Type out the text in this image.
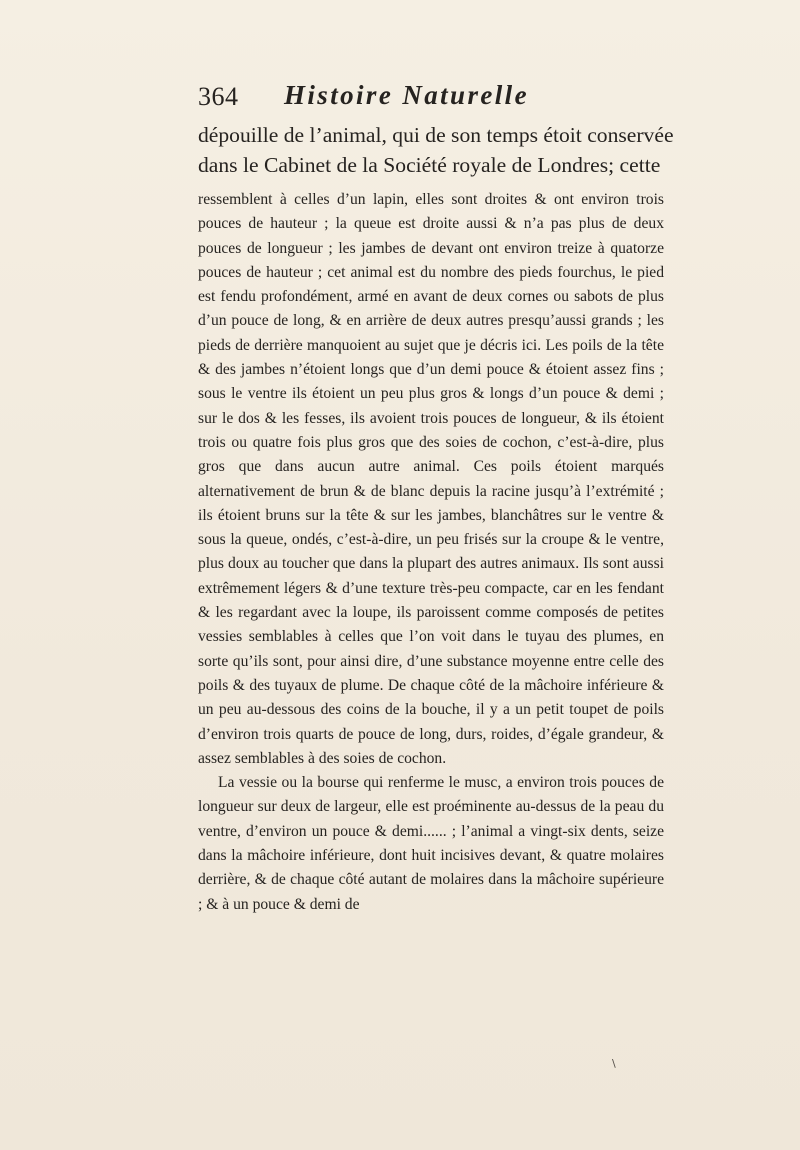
364 Histoire Naturelle
dépouille de l’animal, qui de son temps étoit conservée
dans le Cabinet de la Société royale de Londres; cette

ressemblent à celles d’un lapin, elles sont droites & ont environ trois pouces de hauteur ; la queue est droite aussi & n’a pas plus de deux pouces de longueur ; les jambes de devant ont environ treize à quatorze pouces de hauteur ; cet animal est du nombre des pieds fourchus, le pied est fendu profondément, armé en avant de deux cornes ou sabots de plus d’un pouce de long, & en arrière de deux autres presqu’aussi grands ; les pieds de derrière manquoient au sujet que je décris ici. Les poils de la tête & des jambes n’étoient longs que d’un demi pouce & étoient assez fins ; sous le ventre ils étoient un peu plus gros & longs d’un pouce & demi ; sur le dos & les fesses, ils avoient trois pouces de longueur, & ils étoient trois ou quatre fois plus gros que des soies de cochon, c’est-à-dire, plus gros que dans aucun autre animal. Ces poils étoient marqués alternativement de brun & de blanc depuis la racine jusqu’à l’extrémité ; ils étoient bruns sur la tête & sur les jambes, blanchâtres sur le ventre & sous la queue, ondés, c’est-à-dire, un peu frisés sur la croupe & le ventre, plus doux au toucher que dans la plupart des autres animaux. Ils sont aussi extrêmement légers & d’une texture très-peu compacte, car en les fendant & les regardant avec la loupe, ils paroissent comme composés de petites vessies semblables à celles que l’on voit dans le tuyau des plumes, en sorte qu’ils sont, pour ainsi dire, d’une substance moyenne entre celle des poils & des tuyaux de plume. De chaque côté de la mâchoire inférieure & un peu au-dessous des coins de la bouche, il y a un petit toupet de poils d’environ trois quarts de pouce de long, durs, roides, d’égale grandeur, & assez semblables à des soies de cochon.

La vessie ou la bourse qui renferme le musc, a environ trois pouces de longueur sur deux de largeur, elle est proéminente au-dessus de la peau du ventre, d’environ un pouce & demi...... ; l’animal a vingt-six dents, seize dans la mâchoire inférieure, dont huit incisives devant, & quatre molaires derrière, & de chaque côté autant de molaires dans la mâchoire supérieure ; & à un pouce & demi de

\
